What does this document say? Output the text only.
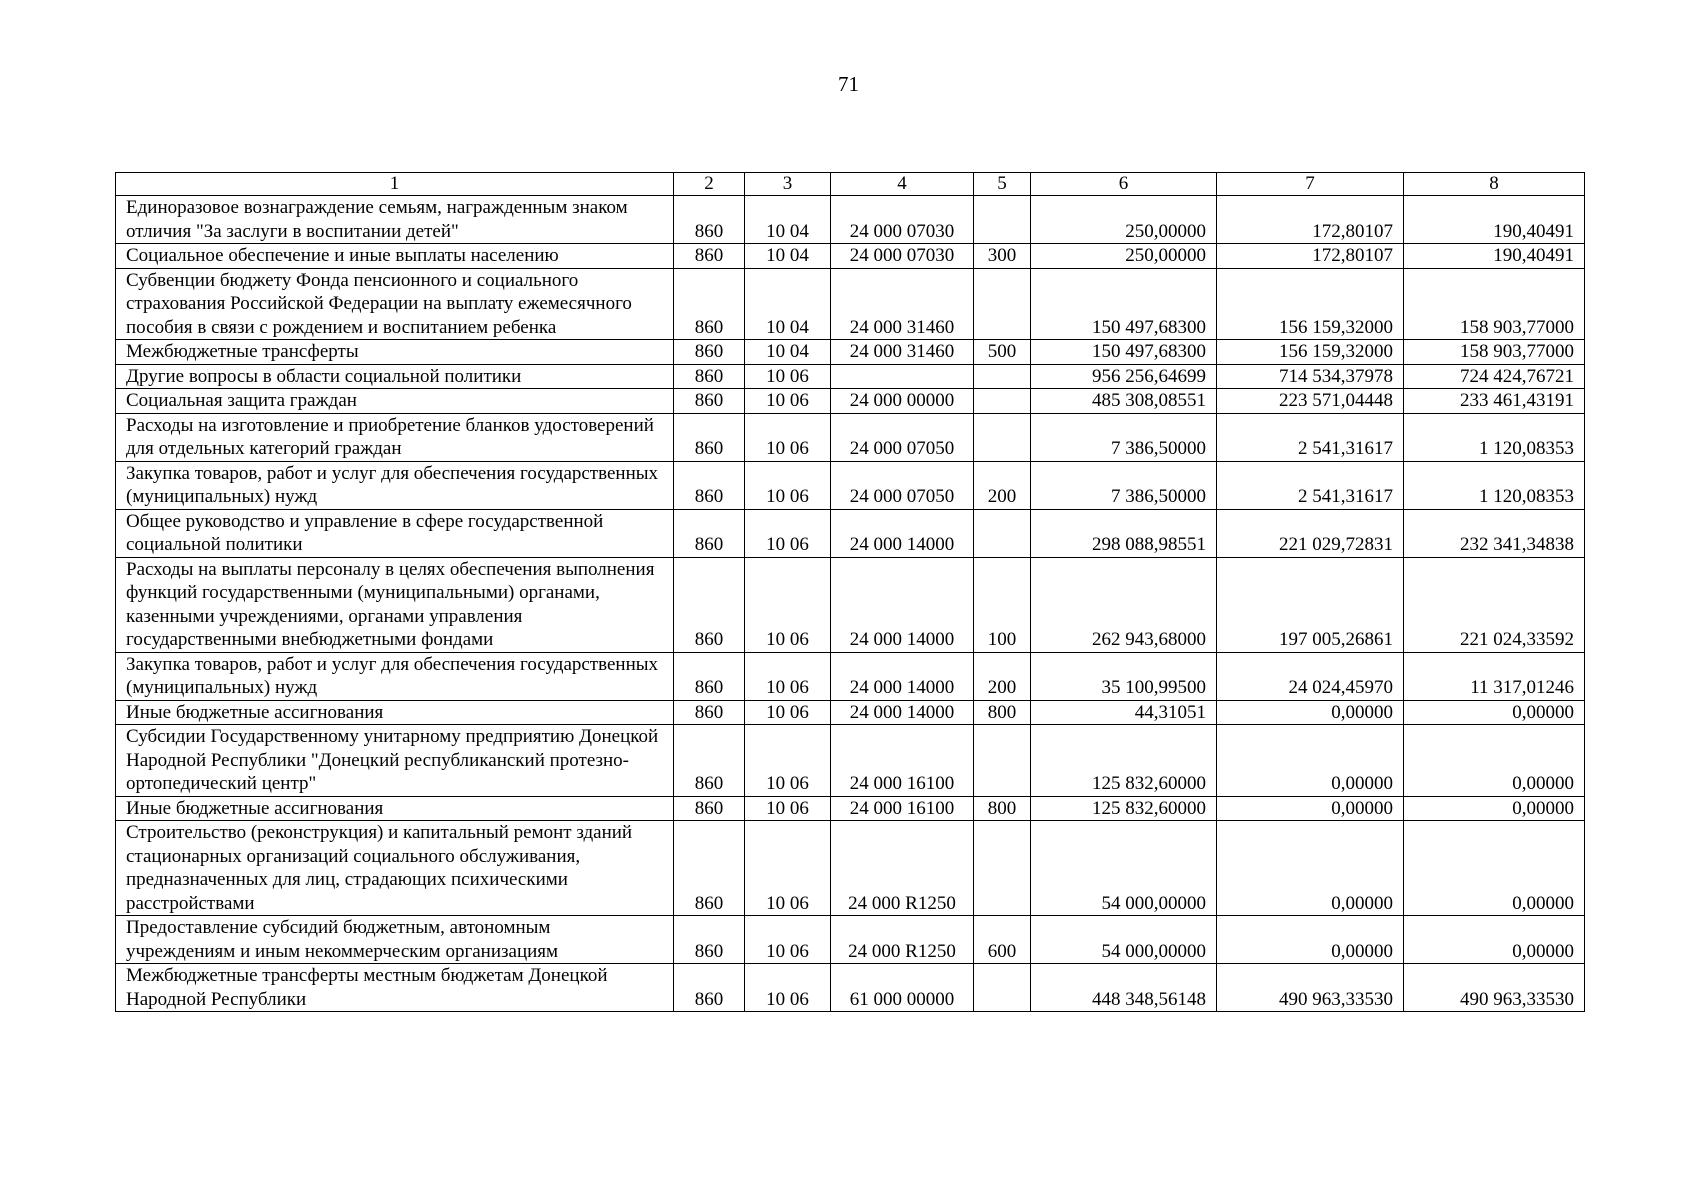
71
1	2	3	4	5	6	7	8
Единоразовое вознаграждение семьям, награжденным знаком отличия "За заслуги в воспитании детей"	860	10 04	24 000 07030		250,00000	172,80107	190,40491
Социальное обеспечение и иные выплаты населению	860	10 04	24 000 07030	300	250,00000	172,80107	190,40491
Субвенции бюджету Фонда пенсионного и социального страхования Российской Федерации на выплату ежемесячного пособия в связи с рождением и воспитанием ребенка	860	10 04	24 000 31460		150 497,68300	156 159,32000	158 903,77000
Межбюджетные трансферты	860	10 04	24 000 31460	500	150 497,68300	156 159,32000	158 903,77000
Другие вопросы в области социальной политики	860	10 06			956 256,64699	714 534,37978	724 424,76721
Социальная защита граждан	860	10 06	24 000 00000		485 308,08551	223 571,04448	233 461,43191
Расходы на изготовление и приобретение бланков удостоверений для отдельных категорий граждан	860	10 06	24 000 07050		7 386,50000	2 541,31617	1 120,08353
Закупка товаров, работ и услуг для обеспечения государственных (муниципальных) нужд	860	10 06	24 000 07050	200	7 386,50000	2 541,31617	1 120,08353
Общее руководство и управление в сфере государственной социальной политики	860	10 06	24 000 14000		298 088,98551	221 029,72831	232 341,34838
Расходы на выплаты персоналу в целях обеспечения выполнения функций государственными (муниципальными) органами, казенными учреждениями, органами управления государственными внебюджетными фондами	860	10 06	24 000 14000	100	262 943,68000	197 005,26861	221 024,33592
Закупка товаров, работ и услуг для обеспечения государственных (муниципальных) нужд	860	10 06	24 000 14000	200	35 100,99500	24 024,45970	11 317,01246
Иные бюджетные ассигнования	860	10 06	24 000 14000	800	44,31051	0,00000	0,00000
Субсидии Государственному унитарному предприятию Донецкой Народной Республики "Донецкий республиканский протезно-ортопедический центр"	860	10 06	24 000 16100		125 832,60000	0,00000	0,00000
Иные бюджетные ассигнования	860	10 06	24 000 16100	800	125 832,60000	0,00000	0,00000
Строительство (реконструкция) и капитальный ремонт зданий стационарных организаций социального обслуживания, предназначенных для лиц, страдающих психическими расстройствами	860	10 06	24 000 R1250		54 000,00000	0,00000	0,00000
Предоставление субсидий бюджетным, автономным учреждениям и иным некоммерческим организациям	860	10 06	24 000 R1250	600	54 000,00000	0,00000	0,00000
Межбюджетные трансферты местным бюджетам Донецкой Народной Республики	860	10 06	61 000 00000		448 348,56148	490 963,33530	490 963,33530
